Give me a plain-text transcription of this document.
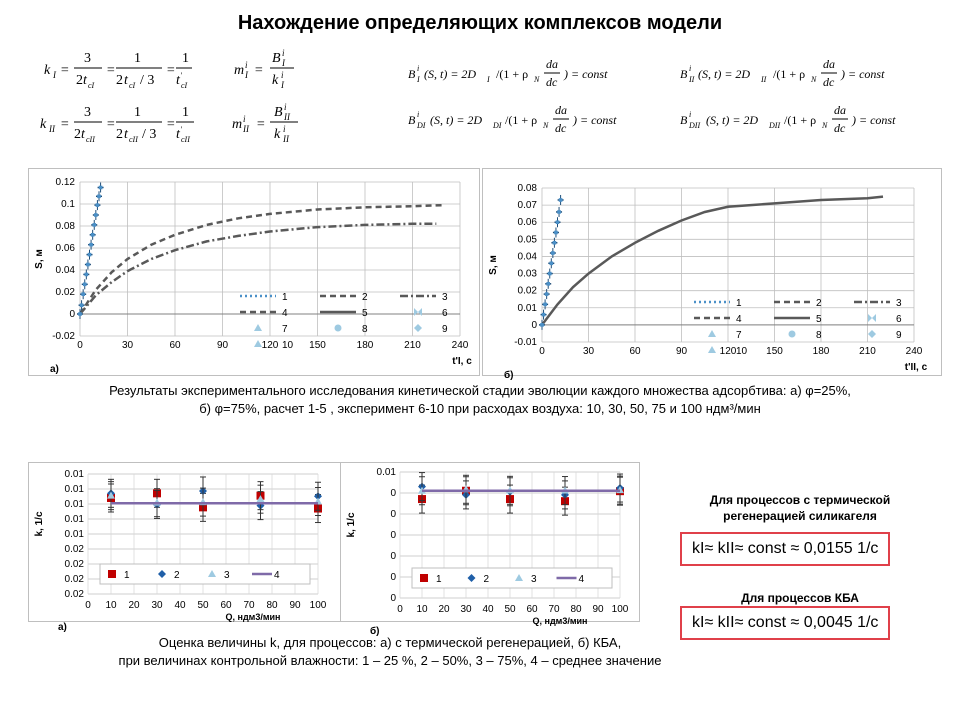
Нахождение определяющих комплексов модели
k I =
3
2 t cI
=
1
2 t cI / 3
=
1
t '
cI
k II =
3
2 t cII
=
1
2 t cII / 3
=
1
t '
cII
m i
I =
B i
I
k i
I
m i
II =
B i
II
k i
II
B i
I (S, t) = 2D I /(1 + ρ N
da
dc
) = const	B i
II (S, t) = 2D II /(1 + ρ N
da
dc
) = const
B i
DI (S, t) = 2D DI /(1 + ρ N
da
dc
) = const	B i
DII (S, t) = 2D DII /(1 + ρ N
da
dc
) = const
-0.02
0
0.02
0.04
0.06
0.08
0.1
0.12
0	30	60	90	120	150	180	210	240
S, м
t'I, с
а)
1	2	3
4	5	6
7	8	9
10	-0.01
0
0.01
0.02
0.03
0.04
0.05
0.06
0.07
0.08
0	30	60	90	120	150	180	210	240
S, м
t'II, с
б)
1	2	3
4	5	6
7	8	9
10
0.02
0.02
0.02
0.02
0.01
0.01
0.01
0.01
0.01
0 10 20 30 40 50 60 70 80 90 100
k, 1/с
Q, ндм3/мин
а)
1	2	3	4
0
0
0
0
0
0
0.01
0 10 20 30 40 50 60 70 80 90 100
k, 1/с
Q, ндм3/мин
б)
1	2	3	4
Результаты экспериментального исследования кинетической стадии эволюции каждого множества адсорбтива: а) φ=25%,
б) φ=75%, расчет 1-5 , эксперимент 6-10 при расходах воздуха: 10, 30, 50, 75 и 100 ндм³/мин
Оценка величины k, для процессов: а) с термической регенерацией, б) КБА,
при величинах контрольной влажности: 1 – 25 %, 2 – 50%, 3 – 75%, 4 – среднее значение
Для процессов с термической
регенерацией силикагеля
kI≈ kII≈ const ≈ 0,0155 1/с
Для процессов КБА
kI≈ kII≈ const ≈ 0,0045 1/с
